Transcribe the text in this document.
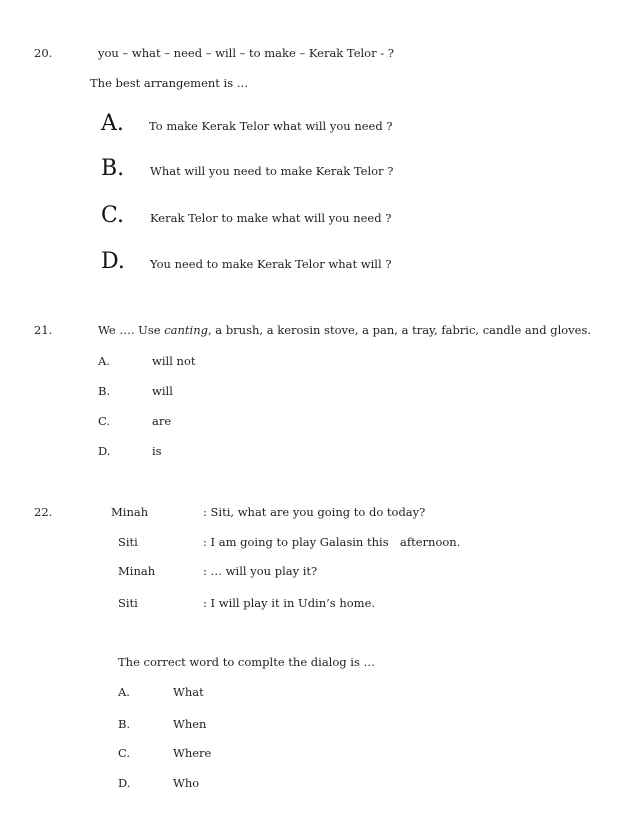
20.	you – what – need – will – to make – Kerak Telor - ?
The best arrangement is …
A. To make Kerak Telor what will you need ?
B. What will you need to make Kerak Telor ?
C. Kerak Telor to make what will you need ?
D. You need to make Kerak Telor what will ?
21.	We …. Use canting, a brush, a kerosin stove, a pan, a tray, fabric, candle and gloves.
A.	will not
B.	will
C.	are
D.	is
22.	Minah	: Siti, what are you going to do today?
Siti	: I am going to play Galasin this afternoon.
Minah	: … will you play it?
Siti	: I will play it in Udin’s home.
The correct word to complte the dialog is …
A.	What
B.	When
C.	Where
D.	Who
